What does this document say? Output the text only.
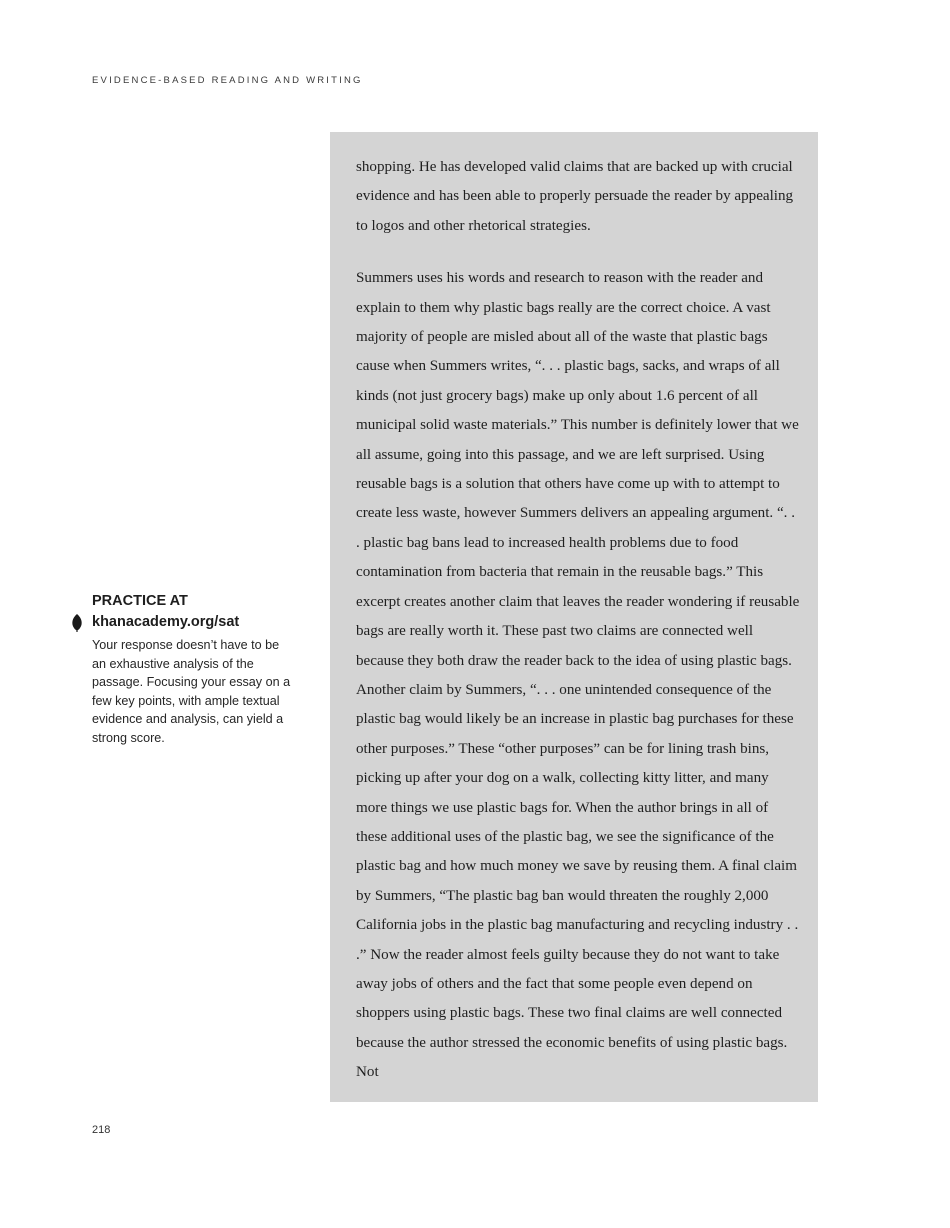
EVIDENCE-BASED READING AND WRITING
PRACTICE AT
khanacademy.org/sat
Your response doesn’t have to be an exhaustive analysis of the passage. Focusing your essay on a few key points, with ample textual evidence and analysis, can yield a strong score.

shopping. He has developed valid claims that are backed up with crucial evidence and has been able to properly persuade the reader by appealing to logos and other rhetorical strategies.

Summers uses his words and research to reason with the reader and explain to them why plastic bags really are the correct choice. A vast majority of people are misled about all of the waste that plastic bags cause when Summers writes, “. . . plastic bags, sacks, and wraps of all kinds (not just grocery bags) make up only about 1.6 percent of all municipal solid waste materials.” This number is definitely lower that we all assume, going into this passage, and we are left surprised. Using reusable bags is a solution that others have come up with to attempt to create less waste, however Summers delivers an appealing argument. “. . . plastic bag bans lead to increased health problems due to food contamination from bacteria that remain in the reusable bags.” This excerpt creates another claim that leaves the reader wondering if reusable bags are really worth it. These past two claims are connected well because they both draw the reader back to the idea of using plastic bags. Another claim by Summers, “. . . one unintended consequence of the plastic bag would likely be an increase in plastic bag purchases for these other purposes.” These “other purposes” can be for lining trash bins, picking up after your dog on a walk, collecting kitty litter, and many more things we use plastic bags for. When the author brings in all of these additional uses of the plastic bag, we see the significance of the plastic bag and how much money we save by reusing them. A final claim by Summers, “The plastic bag ban would threaten the roughly 2,000 California jobs in the plastic bag manufacturing and recycling industry . . .” Now the reader almost feels guilty because they do not want to take away jobs of others and the fact that some people even depend on shoppers using plastic bags. These two final claims are well connected because the author stressed the economic benefits of using plastic bags. Not

218
